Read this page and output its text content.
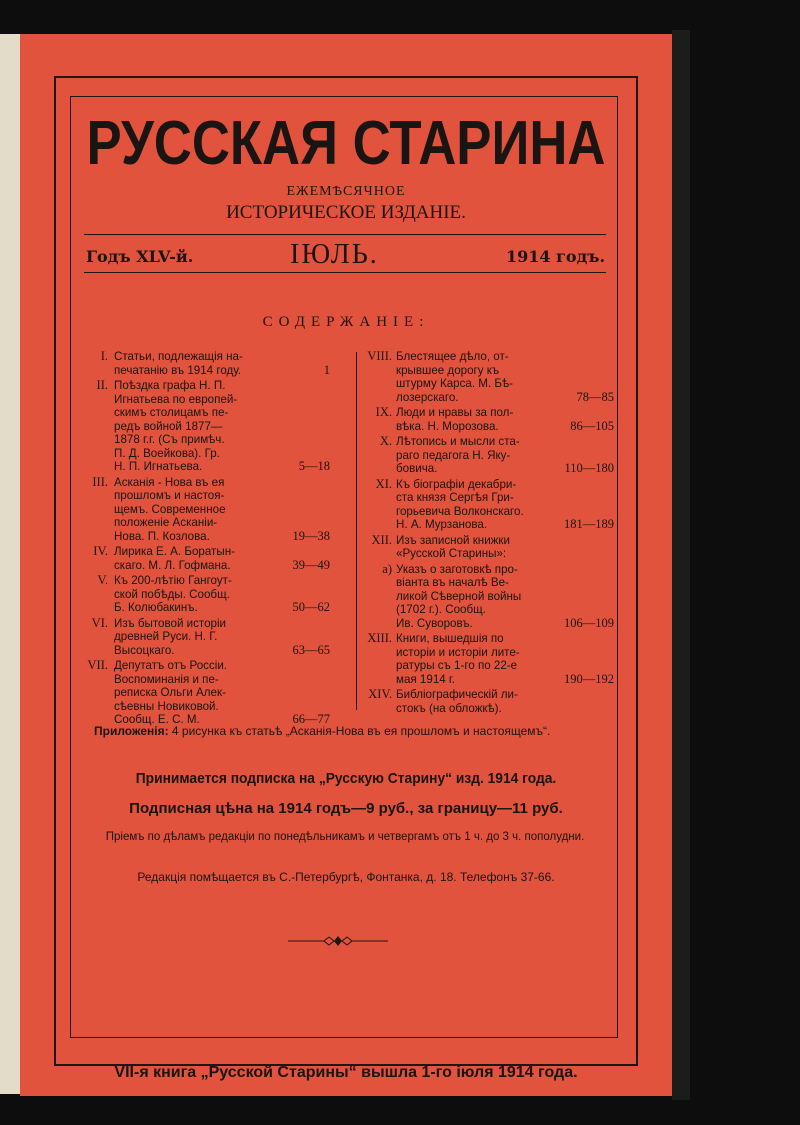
РУССКАЯ СТАРИНА
ЕЖЕМѢСЯЧНОЕ
ИСТОРИЧЕСКОЕ ИЗДАНІЕ.
Годъ XLV-й.	ІЮЛЬ.	1914 годъ.
СОДЕРЖАНІЕ:
I. Статьи, подлежащія на-
печатанію въ 1914 году.	1
II. Поѣздка графа Н. П.
Игнатьева по европей-
скимъ столицамъ пе-
редъ войной 1877—
1878 г.г. (Съ примѣч.
П. Д. Воейкова). Гр.
Н. П. Игнатьева.	5—18
III. Асканія - Нова въ ея
прошломъ и настоя-
щемъ. Современное
положеніе Асканіи-
Нова. П. Козлова.	19—38
IV. Лирика Е. А. Боратын-
скаго. М. Л. Гофмана.	39—49
V. Къ 200-лѣтію Гангоут-
ской побѣды. Сообщ.
Б. Колюбакинъ.	50—62
VI. Изъ бытовой исторіи
древней Руси. Н. Г.
Высоцкаго.	63—65
VII. Депутатъ отъ Россіи.
Воспоминанія и пе-
реписка Ольги Алек-
сѣевны Новиковой.
Сообщ. Е. С. М.	66—77
VIII. Блестящее дѣло, от-
крывшее дорогу къ
штурму Карса. М. Бѣ-
лозерскаго.	78—85
IX. Люди и нравы за пол-
вѣка. Н. Морозова.	86—105
X. Лѣтопись и мысли ста-
раго педагога Н. Яку-
бовича.	110—180
XI. Къ біографіи декабри-
ста князя Сергѣя Гри-
горьевича Волконскаго.
Н. А. Мурзанова.	181—189
XII. Изъ записной книжки
«Русской Старины»:
а) Указъ о заготовкѣ про-
віанта въ началѣ Ве-
ликой Сѣверной войны
(1702 г.). Сообщ.
Ив. Суворовъ.	106—109
XIII. Книги, вышедшія по
исторіи и исторіи лите-
ратуры съ 1-го по 22-е
мая 1914 г.	190—192
XIV. Библіографическій ли-
стокъ (на обложкѣ).
Приложенія: 4 рисунка къ статьѣ „Асканія-Нова въ ея прошломъ и настоящемъ“.
Принимается подписка на „Русскую Старину“ изд. 1914 года.
Подписная цѣна на 1914 годъ—9 руб., за границу—11 руб.
Пріемъ по дѣламъ редакціи по понедѣльникамъ и четвергамъ отъ 1 ч. до 3 ч. пополудни.
Редакція помѣщается въ С.-Петербургѣ, Фонтанка, д. 18. Телефонъ 37-66.
VII-я книга „Русской Старины“ вышла 1-го іюля 1914 года.
